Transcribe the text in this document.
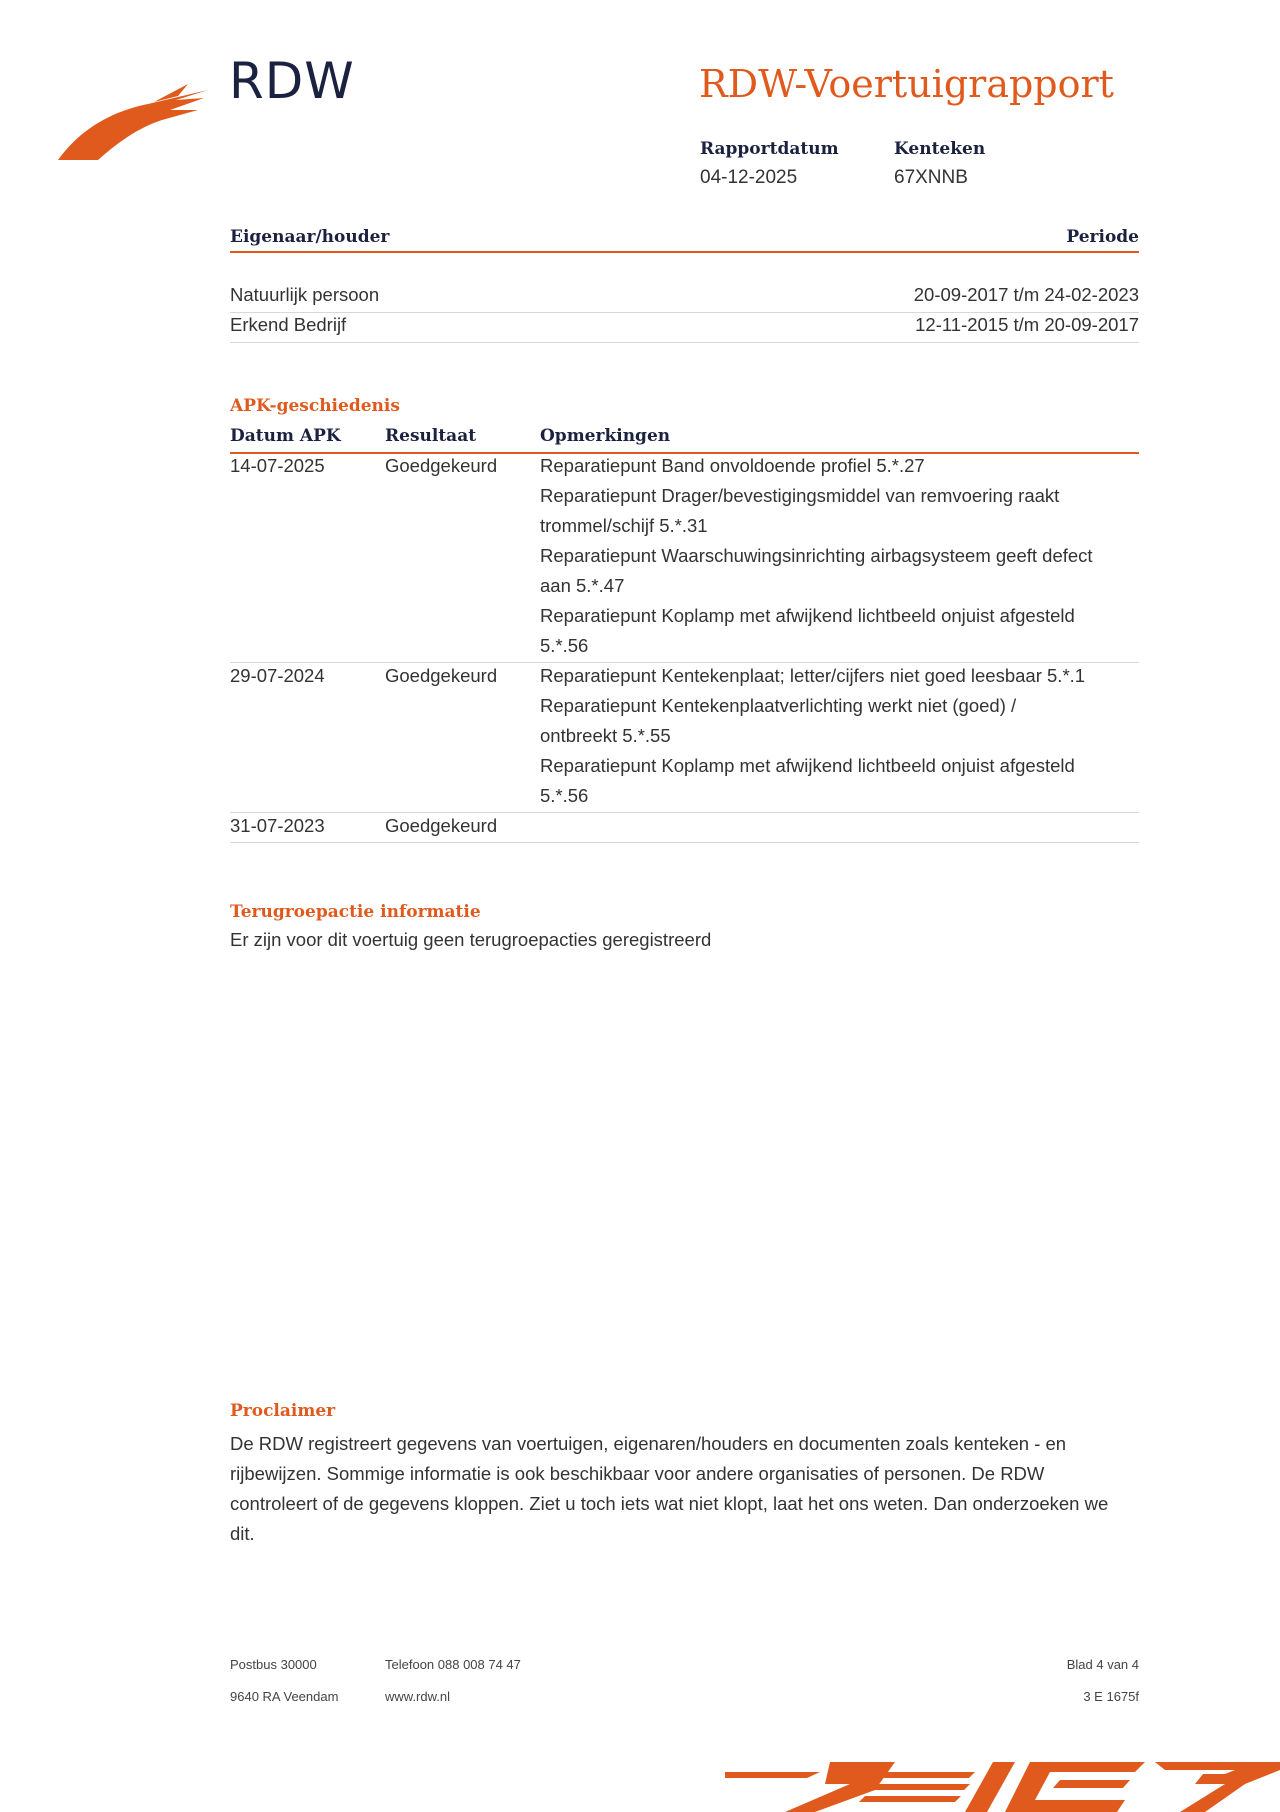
RDW	RDW-Voertuigrapport
Rapportdatum
04-12-2025
Kenteken
67XNNB
Eigenaar/houder	Periode
Natuurlijk persoon	20-09-2017 t/m 24-02-2023
Erkend Bedrijf	12-11-2015 t/m 20-09-2017
APK-geschiedenis
Datum APK	Resultaat	Opmerkingen
14-07-2025	Goedgekeurd Reparatiepunt Band onvoldoende profiel 5.*.27
Reparatiepunt Drager/bevestigingsmiddel van remvoering raakt
trommel/schijf 5.*.31
Reparatiepunt Waarschuwingsinrichting airbagsysteem geeft defect
aan 5.*.47
Reparatiepunt Koplamp met afwijkend lichtbeeld onjuist afgesteld
5.*.56
29-07-2024	Goedgekeurd Reparatiepunt Kentekenplaat; letter/cijfers niet goed leesbaar 5.*.1
Reparatiepunt Kentekenplaatverlichting werkt niet (goed) /
ontbreekt 5.*.55
Reparatiepunt Koplamp met afwijkend lichtbeeld onjuist afgesteld
5.*.56
31-07-2023	Goedgekeurd
Terugroepactie informatie
Er zijn voor dit voertuig geen terugroepacties geregistreerd
Proclaimer
De RDW registreert gegevens van voertuigen, eigenaren/houders en documenten zoals kenteken - en rijbewijzen. Sommige informatie is ook beschikbaar voor andere organisaties of personen. De RDW controleert of de gegevens kloppen. Ziet u toch iets wat niet klopt, laat het ons weten. Dan onderzoeken we dit.
Postbus 30000
9640 RA Veendam
Telefoon 088 008 74 47
www.rdw.nl
Blad 4 van 4
3 E 1675f
